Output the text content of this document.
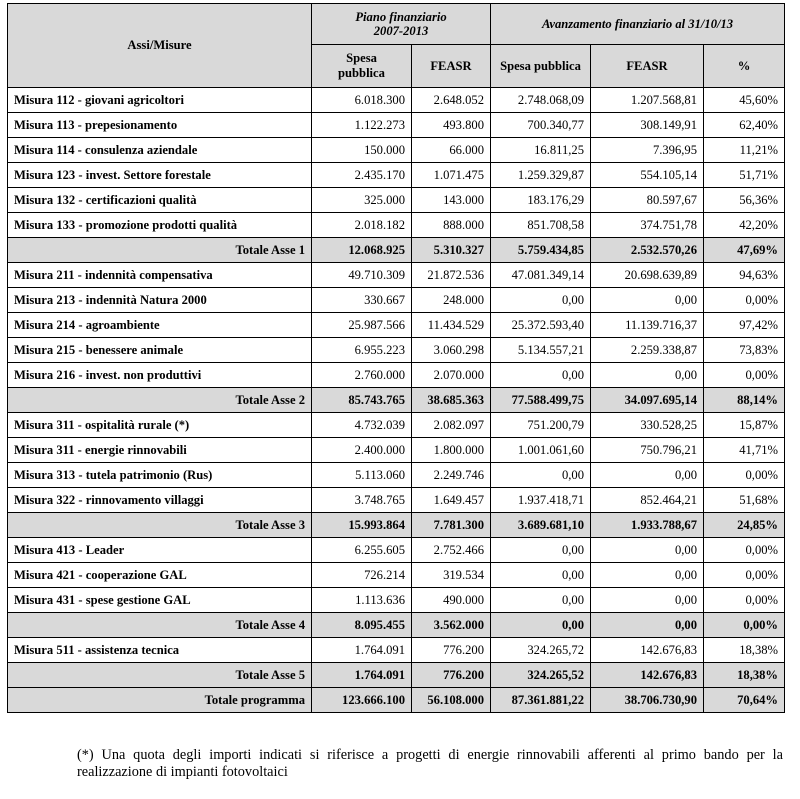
Assi/Misure	Piano finanziario 2007-2013		Avanzamento finanziario al 31/10/13		
	Spesa pubblica	FEASR	Spesa pubblica	FEASR	%
Misura 112 - giovani agricoltori	6.018.300	2.648.052	2.748.068,09	1.207.568,81	45,60%
Misura 113 - prepesionamento	1.122.273	493.800	700.340,77	308.149,91	62,40%
Misura 114 - consulenza aziendale	150.000	66.000	16.811,25	7.396,95	11,21%
Misura 123 - invest. Settore forestale	2.435.170	1.071.475	1.259.329,87	554.105,14	51,71%
Misura 132 - certificazioni qualità	325.000	143.000	183.176,29	80.597,67	56,36%
Misura 133 - promozione prodotti qualità	2.018.182	888.000	851.708,58	374.751,78	42,20%
Totale Asse 1	12.068.925	5.310.327	5.759.434,85	2.532.570,26	47,69%
Misura 211 - indennità compensativa	49.710.309	21.872.536	47.081.349,14	20.698.639,89	94,63%
Misura 213 - indennità Natura 2000	330.667	248.000	0,00	0,00	0,00%
Misura 214 - agroambiente	25.987.566	11.434.529	25.372.593,40	11.139.716,37	97,42%
Misura 215 - benessere animale	6.955.223	3.060.298	5.134.557,21	2.259.338,87	73,83%
Misura 216 - invest. non produttivi	2.760.000	2.070.000	0,00	0,00	0,00%
Totale Asse 2	85.743.765	38.685.363	77.588.499,75	34.097.695,14	88,14%
Misura 311 - ospitalità rurale (*)	4.732.039	2.082.097	751.200,79	330.528,25	15,87%
Misura 311 - energie rinnovabili	2.400.000	1.800.000	1.001.061,60	750.796,21	41,71%
Misura 313 - tutela patrimonio (Rus)	5.113.060	2.249.746	0,00	0,00	0,00%
Misura 322 - rinnovamento villaggi	3.748.765	1.649.457	1.937.418,71	852.464,21	51,68%
Totale Asse 3	15.993.864	7.781.300	3.689.681,10	1.933.788,67	24,85%
Misura 413 - Leader	6.255.605	2.752.466	0,00	0,00	0,00%
Misura 421 - cooperazione GAL	726.214	319.534	0,00	0,00	0,00%
Misura 431 - spese gestione GAL	1.113.636	490.000	0,00	0,00	0,00%
Totale Asse 4	8.095.455	3.562.000	0,00	0,00	0,00%
Misura 511 - assistenza tecnica	1.764.091	776.200	324.265,72	142.676,83	18,38%
Totale Asse 5	1.764.091	776.200	324.265,52	142.676,83	18,38%
Totale programma	123.666.100	56.108.000	87.361.881,22	38.706.730,90	70,64%
(*) Una quota degli importi indicati si riferisce a progetti di energie rinnovabili afferenti al primo bando per la realizzazione di impianti fotovoltaici
